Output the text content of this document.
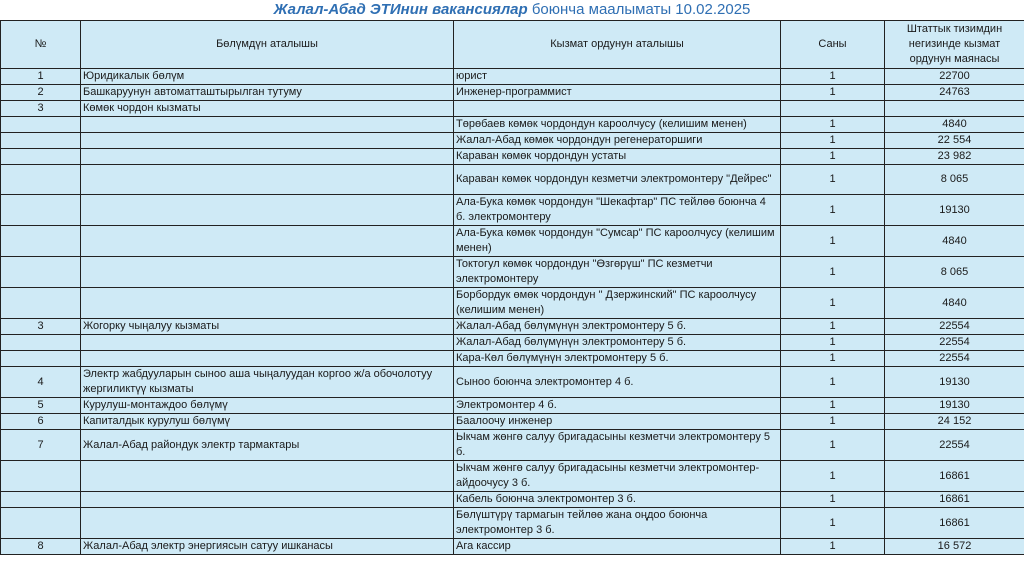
Жалал-Абад ЭТИнин вакансиялар боюнча маалыматы 10.02.2025
№	Бөлүмдүн аталышы	Кызмат ордунун аталышы	Саны	Штаттык тизимдин негизинде кызмат ордунун маянасы
1	Юридикалык бөлүм	юрист	1	22700
2	Башкаруунун автоматташтырылган тутуму	Инженер-программист	1	24763
3	Көмөк чордон кызматы			
		Төрөбаев көмөк чордондун кароолчусу (келишим менен)	1	4840
		Жалал-Абад көмөк чордондун регенераторшиги	1	22 554
		Караван көмөк чордондун устаты	1	23 982
		Караван көмөк чордондун кезметчи электромонтеру "Дейрес"	1	8 065
		Ала-Бука көмөк чордондун "Шекафтар" ПС тейлөө боюнча 4 б. электромонтеру	1	19130
		Ала-Бука көмөк чордондун "Сумсар" ПС кароолчусу (келишим менен)	1	4840
		Токтогул көмөк чордондун "Өзгөрүш" ПС кезметчи электромонтеру	1	8 065
		Борбордук өмөк чордондун " Дзержинский" ПС кароолчусу (келишим менен)	1	4840
3	Жогорку чыңалуу кызматы	Жалал-Абад бөлүмүнүн электромонтеру 5 б.	1	22554
		Жалал-Абад бөлүмүнүн электромонтеру 5 б.	1	22554
		Кара-Көл бөлүмүнүн электромонтеру 5 б.	1	22554
4	Электр жабдууларын сыноо аша чыңалуудан коргоо ж/а обочолотуу жергиликтүү кызматы	Сыноо боюнча электромонтер 4 б.	1	19130
5	Курулуш-монтаждоо бөлүмү	Электромонтер 4 б.	1	19130
6	Капиталдык курулуш бөлүмү	Баалоочу инженер	1	24 152
7	Жалал-Абад райондук электр тармактары	Ыкчам жөнгө салуу бригадасыны кезметчи электромонтеру 5 б.	1	22554
		Ыкчам жөнгө салуу бригадасыны кезметчи электромонтер-айдоочусу 3 б.	1	16861
		Кабель боюнча электромонтер 3 б.	1	16861
		Бөлүштүрү тармагын тейлөө жана оңдоо боюнча электромонтер 3 б.	1	16861
8	Жалал-Абад электр энергиясын сатуу ишканасы	Ага кассир	1	16 572
